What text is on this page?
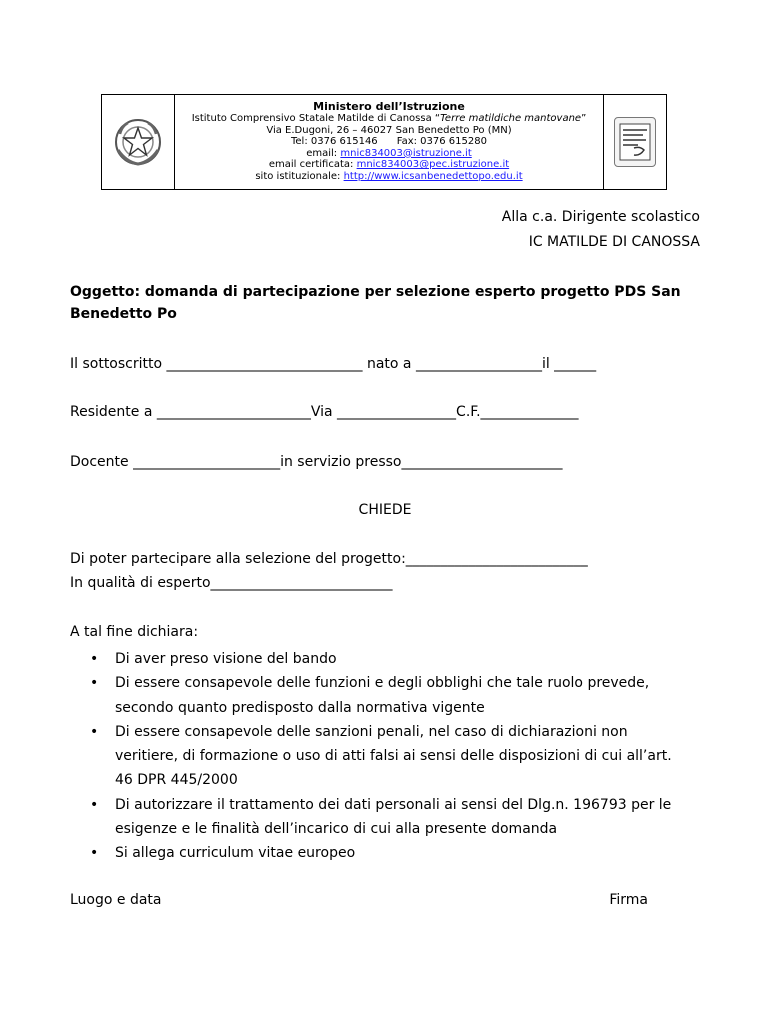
Ministero dell’Istruzione
Istituto Comprensivo Statale Matilde di Canossa “Terre matildiche mantovane”
Via E.Dugoni, 26 – 46027 San Benedetto Po (MN)
Tel: 0376 615146      Fax: 0376 615280
email: mnic834003@istruzione.it
email certificata: mnic834003@pec.istruzione.it
sito istituzionale: http://www.icsanbenedettopo.edu.it
Alla c.a. Dirigente scolastico
IC MATILDE DI CANOSSA
Oggetto: domanda di partecipazione per selezione esperto progetto PDS San
Benedetto Po
Il sottoscritto ____________________________ nato a __________________il ______
Residente a ______________________Via _________________C.F.______________
Docente _____________________in servizio presso_______________________
CHIEDE
Di poter partecipare alla selezione del progetto:__________________________
In qualità di esperto__________________________
A tal fine dichiara:
• Di aver preso visione del bando
• Di essere consapevole delle funzioni e degli obblighi che tale ruolo prevede,
secondo quanto predisposto dalla normativa vigente
• Di essere consapevole delle sanzioni penali, nel caso di dichiarazioni non
veritiere, di formazione o uso di atti falsi ai sensi delle disposizioni di cui all’art.
46 DPR 445/2000
• Di autorizzare il trattamento dei dati personali ai sensi del Dlg.n. 196793 per le
esigenze e le finalità dell’incarico di cui alla presente domanda
• Si allega curriculum vitae europeo
Luogo e data	Firma
